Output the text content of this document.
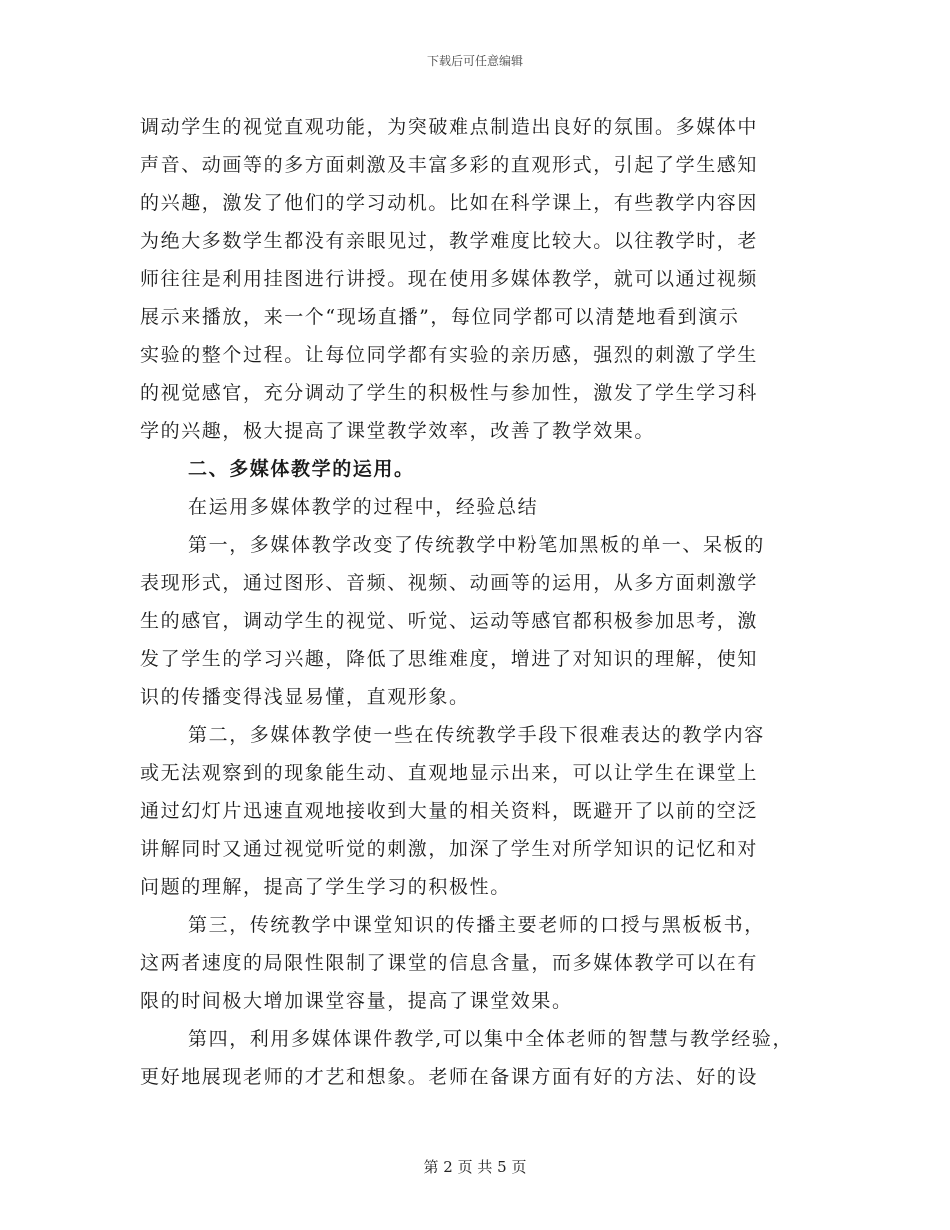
下载后可任意编辑
调动学生的视觉直观功能，为突破难点制造出良好的氛围。多媒体中
声音、动画等的多方面刺激及丰富多彩的直观形式，引起了学生感知
的兴趣，激发了他们的学习动机。比如在科学课上，有些教学内容因
为绝大多数学生都没有亲眼见过，教学难度比较大。以往教学时，老
师往往是利用挂图进行讲授。现在使用多媒体教学，就可以通过视频
展示来播放，来一个“现场直播”，每位同学都可以清楚地看到演示
实验的整个过程。让每位同学都有实验的亲历感，强烈的刺激了学生
的视觉感官，充分调动了学生的积极性与参加性，激发了学生学习科
学的兴趣，极大提高了课堂教学效率，改善了教学效果。
二、多媒体教学的运用。
在运用多媒体教学的过程中，经验总结
第一，多媒体教学改变了传统教学中粉笔加黑板的单一、呆板的
表现形式，通过图形、音频、视频、动画等的运用，从多方面刺激学
生的感官，调动学生的视觉、听觉、运动等感官都积极参加思考，激
发了学生的学习兴趣，降低了思维难度，增进了对知识的理解，使知
识的传播变得浅显易懂，直观形象。
第二，多媒体教学使一些在传统教学手段下很难表达的教学内容
或无法观察到的现象能生动、直观地显示出来，可以让学生在课堂上
通过幻灯片迅速直观地接收到大量的相关资料，既避开了以前的空泛
讲解同时又通过视觉听觉的刺激，加深了学生对所学知识的记忆和对
问题的理解，提高了学生学习的积极性。
第三，传统教学中课堂知识的传播主要老师的口授与黑板板书，
这两者速度的局限性限制了课堂的信息含量，而多媒体教学可以在有
限的时间极大增加课堂容量，提高了课堂效果。
第四，利用多媒体课件教学,可以集中全体老师的智慧与教学经验，
更好地展现老师的才艺和想象。老师在备课方面有好的方法、好的设
第 2 页 共 5 页
